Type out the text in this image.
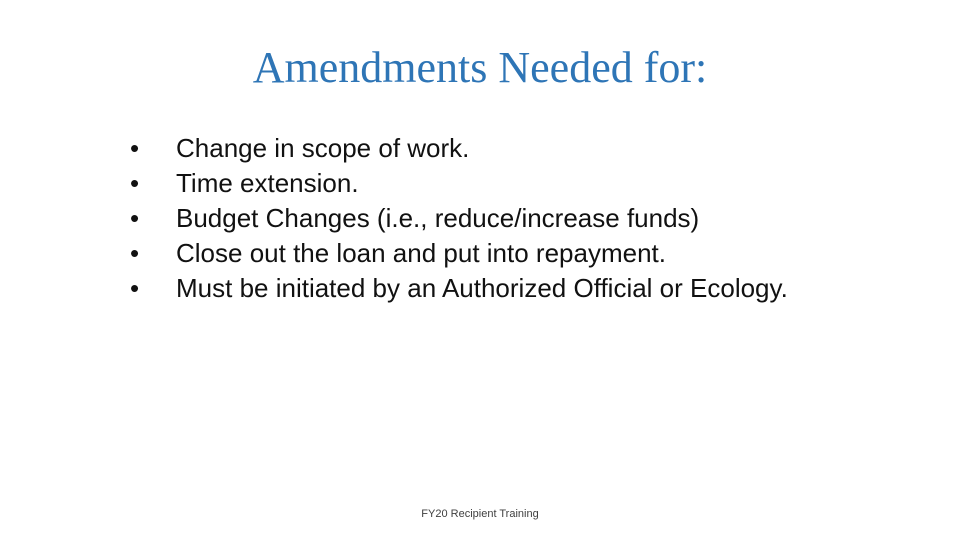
Amendments Needed for:
•	Change in scope of work.
•	Time extension.
•	Budget Changes (i.e., reduce/increase funds)
•	Close out the loan and put into repayment.
•	Must be initiated by an Authorized Official or Ecology.
FY20 Recipient Training
